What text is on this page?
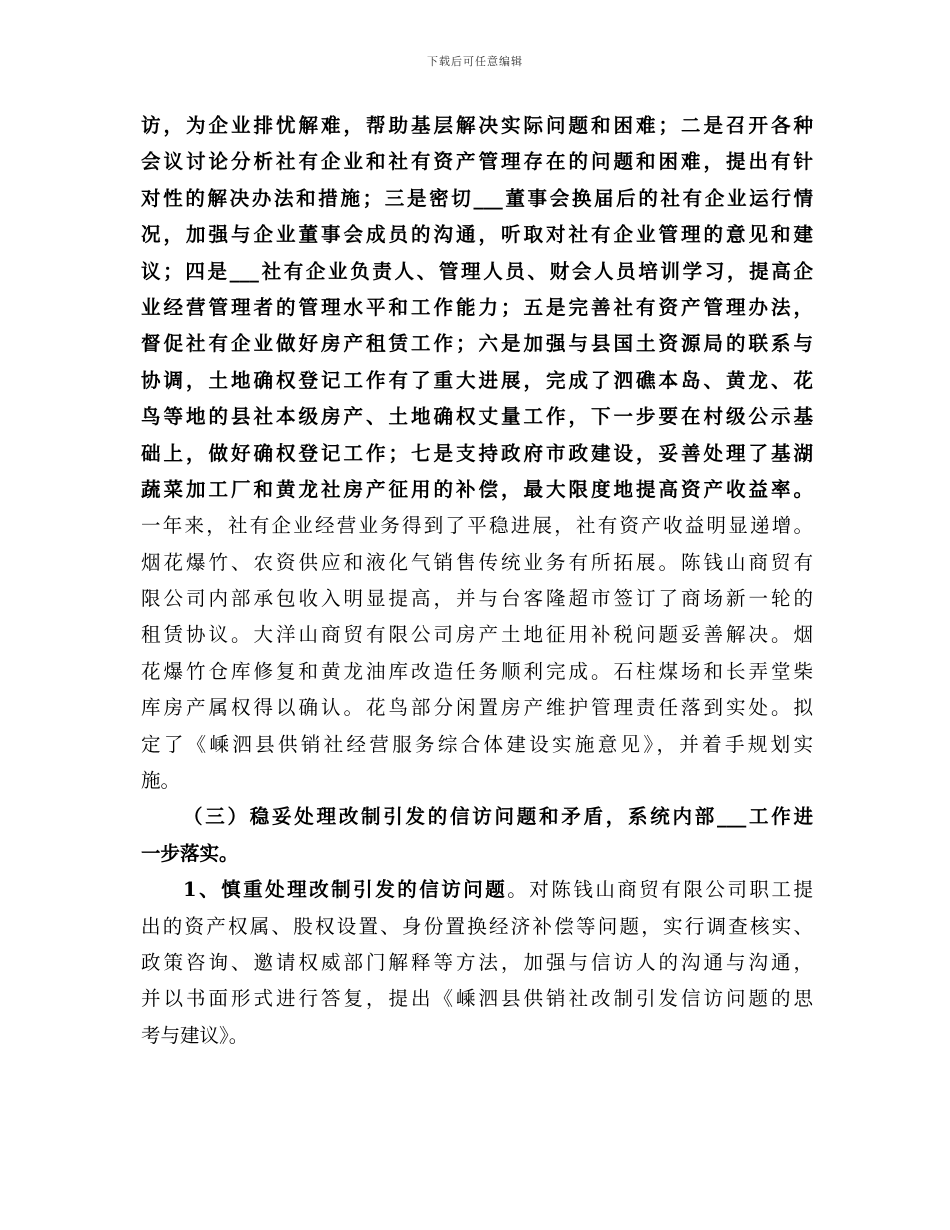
下载后可任意编辑
访，为企业排忧解难，帮助基层解决实际问题和困难；二是召开各种
会议讨论分析社有企业和社有资产管理存在的问题和困难，提出有针
对性的解决办法和措施；三是密切___董事会换届后的社有企业运行情
况，加强与企业董事会成员的沟通，听取对社有企业管理的意见和建
议；四是___社有企业负责人、管理人员、财会人员培训学习，提高企
业经营管理者的管理水平和工作能力；五是完善社有资产管理办法，
督促社有企业做好房产租赁工作；六是加强与县国土资源局的联系与
协调，土地确权登记工作有了重大进展，完成了泗礁本岛、黄龙、花
鸟等地的县社本级房产、土地确权丈量工作，下一步要在村级公示基
础上，做好确权登记工作；七是支持政府市政建设，妥善处理了基湖
蔬菜加工厂和黄龙社房产征用的补偿，最大限度地提高资产收益率。
一年来，社有企业经营业务得到了平稳进展，社有资产收益明显递增。
烟花爆竹、农资供应和液化气销售传统业务有所拓展。陈钱山商贸有
限公司内部承包收入明显提高，并与台客隆超市签订了商场新一轮的
租赁协议。大洋山商贸有限公司房产土地征用补税问题妥善解决。烟
花爆竹仓库修复和黄龙油库改造任务顺利完成。石柱煤场和长弄堂柴
库房产属权得以确认。花鸟部分闲置房产维护管理责任落到实处。拟
定了《嵊泗县供销社经营服务综合体建设实施意见》，并着手规划实
施。
（三）稳妥处理改制引发的信访问题和矛盾，系统内部___工作进
一步落实。
1、慎重处理改制引发的信访问题。对陈钱山商贸有限公司职工提
出的资产权属、股权设置、身份置换经济补偿等问题，实行调查核实、
政策咨询、邀请权威部门解释等方法，加强与信访人的沟通与沟通，
并以书面形式进行答复，提出《嵊泗县供销社改制引发信访问题的思
考与建议》。
